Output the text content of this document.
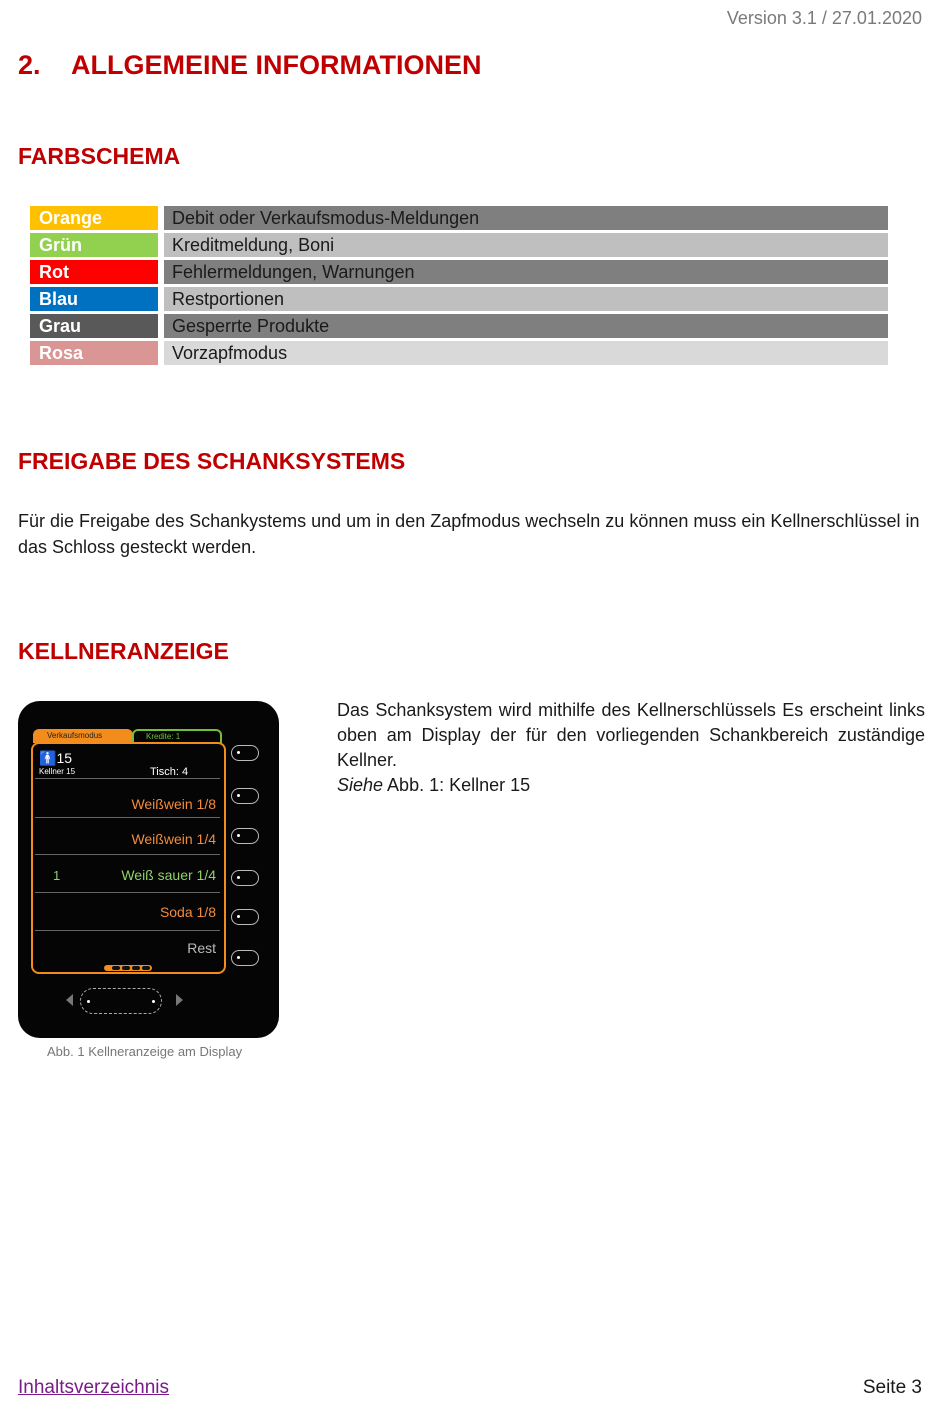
Version 3.1 / 27.01.2020
2. ALLGEMEINE INFORMATIONEN
FARBSCHEMA
Orange	Debit oder Verkaufsmodus-Meldungen
Grün	Kreditmeldung, Boni
Rot	Fehlermeldungen, Warnungen
Blau	Restportionen
Grau	Gesperrte Produkte
Rosa	Vorzapfmodus
FREIGABE DES SCHANKSYSTEMS
Für die Freigabe des Schankystems und um in den Zapfmodus wechseln zu können muss ein Kellnerschlüssel in das Schloss gesteckt werden.
KELLNERANZEIGE
Verkaufsmodus	Kredite: 1
🚹15
Kellner 15	Tisch: 4
Weißwein 1/8
Weißwein 1/4
1	Weiß sauer 1/4
Soda 1/8
Rest
Abb. 1 Kellneranzeige am Display
Das Schanksystem wird mithilfe des Kellnerschlüssels Es erscheint links oben am Display der für den vorliegenden Schankbereich zuständige Kellner.
Siehe Abb. 1: Kellner 15
Inhaltsverzeichnis	Seite 3
